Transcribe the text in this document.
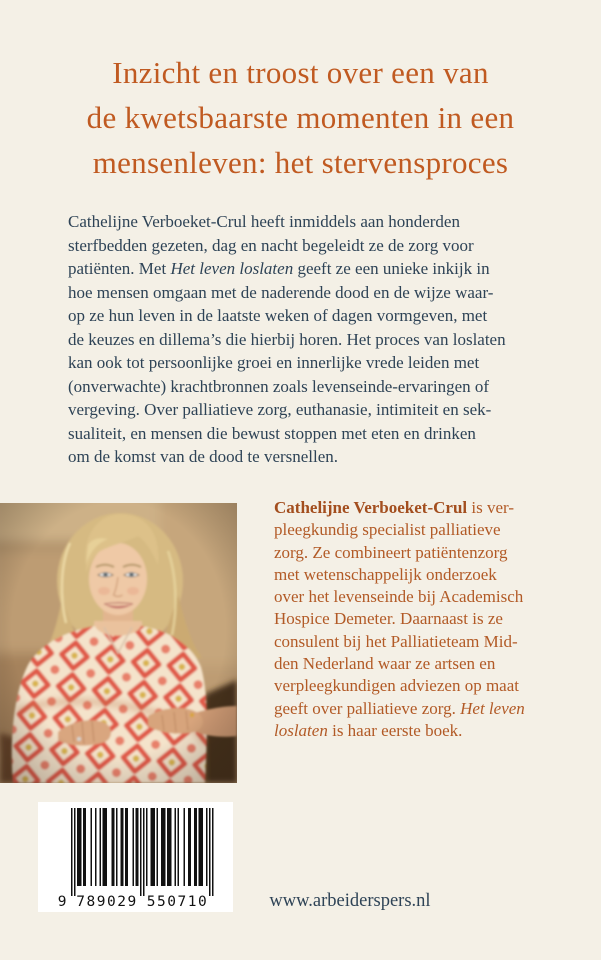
Inzicht en troost over een van
de kwetsbaarste momenten in een
mensenleven: het stervensproces
Cathelijne Verboeket-Crul heeft inmiddels aan honderden
sterfbedden gezeten, dag en nacht begeleidt ze de zorg voor
patiënten. Met Het leven loslaten geeft ze een unieke inkijk in
hoe mensen omgaan met de naderende dood en de wijze waar-
op ze hun leven in de laatste weken of dagen vormgeven, met
de keuzes en dillema’s die hierbij horen. Het proces van loslaten
kan ook tot persoonlijke groei en innerlijke vrede leiden met
(onverwachte) krachtbronnen zoals levenseinde-ervaringen of
vergeving. Over palliatieve zorg, euthanasie, intimiteit en sek-
sualiteit, en mensen die bewust stoppen met eten en drinken
om de komst van de dood te versnellen.
Cathelijne Verboeket-Crul is ver-
pleegkundig specialist palliatieve
zorg. Ze combineert patiëntenzorg
met wetenschappelijk onderzoek
over het levenseinde bij Academisch
Hospice Demeter. Daarnaast is ze
consulent bij het Palliatieteam Mid-
den Nederland waar ze artsen en
verpleegkundigen adviezen op maat
geeft over palliatieve zorg. Het leven
loslaten is haar eerste boek.
9 789029 550710	www.arbeiderspers.nl
